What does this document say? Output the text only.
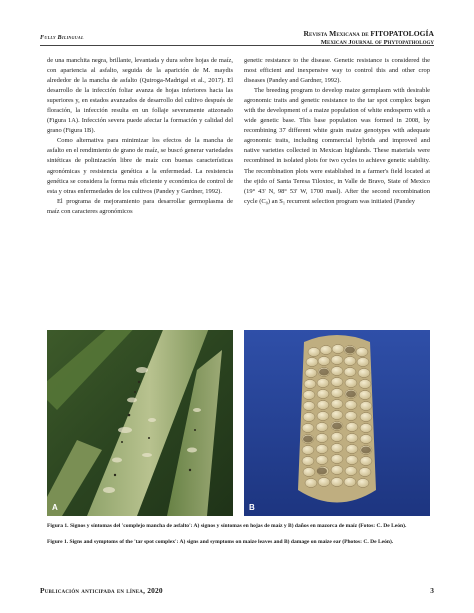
Fully Bilingual	Revista Mexicana de FITOPATOLOGÍA
Mexican Journal of Phytopathology

de una manchita negra, brillante, levantada y dura sobre hojas de maíz, con apariencia al asfalto, seguida de la aparición de M. maydis alrededor de la mancha de asfalto (Quiroga-Madrigal et al., 2017). El desarrollo de la infección foliar avanza de hojas inferiores hacia las superiores y, en estados avanzados de desarrollo del cultivo después de floración, la infección resulta en un follaje severamente atizonado (Figura 1A). Infección severa puede afectar la formación y calidad del grano (Figura 1B).

Como alternativa para minimizar los efectos de la mancha de asfalto en el rendimiento de grano de maíz, se buscó generar variedades sintéticas de polinización libre de maíz con buenas características agronómicas y resistencia genética a la enfermedad. La resistencia genética se considera la forma más eficiente y económica de control de esta y otras enfermedades de los cultivos (Pandey y Gardner, 1992).

El programa de mejoramiento para desarrollar germoplasma de maíz con caracteres agronómicos

genetic resistance to the disease. Genetic resistance is considered the most efficient and inexpensive way to control this and other crop diseases (Pandey and Gardner, 1992).

The breeding program to develop maize germplasm with desirable agronomic traits and genetic resistance to the tar spot complex began with the development of a maize population of white endosperm with a wide genetic base. This base population was formed in 2008, by recombining 37 different white grain maize genotypes with adequate agronomic traits, including commercial hybrids and improved and native varieties collected in Mexican highlands. These materials were recombined in isolated plots for two cycles to achieve genetic stability. The recombination plots were established in a farmer's field located at the ejido of Santa Teresa Tiloxtoc, in Valle de Bravo, State of Mexico (19° 43' N, 98° 53' W, 1700 masl). After the second recombination cycle (C₀) an S₁ recurrent selection program was initiated (Pandey

A	B
Figura 1. Signos y síntomas del 'complejo mancha de asfalto': A) signos y síntomas en hojas de maíz y B) daños en mazorca de maíz (Fotos: C. De León).
Figure 1. Signs and symptoms of the 'tar spot complex': A) signs and symptoms on maize leaves and B) damage on maize ear (Photos: C. De León).
Publicación anticipada en línea, 2020	3
